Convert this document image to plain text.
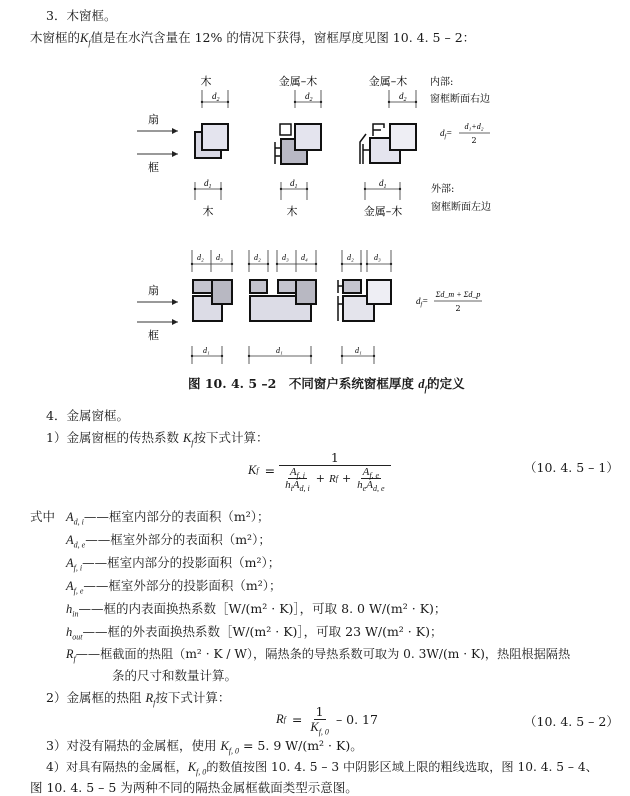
3．木窗框。
木窗框的$K_f$值是在水汽含量在 12% 的情况下获得，窗框厚度见图 10. 4. 5 – 2：
扇
框
木
$d_2$
$d_1$
木
金属–木
$d_2$
$d_1$
木
金属–木
$d_2$
$d_1$
金属–木
内部:
窗框断面右边
外部:
窗框断面左边
$d_f=$
d₁+d₂
2
扇
框
d₂ d₃
d₁
d₂	d₃ d₄
d₁
d₂	d₃
d₁
$d_f=$
Σd_m + Σd_p
2
图 10. 4. 5 –2　不同窗户系统窗框厚度 $d_f$的定义
4．金属窗框。
1）金属窗框的传热系数 $K_f$按下式计算：
K f =
1
$\frac{A_{f, i}}{h_iA_{d, i}} + R$ $f + \frac{A_{f, e}}{h_eA_{d, e}}$	（10. 4. 5 – 1）
式中 $A_{d, i}——$框室内部分的表面积（m²）；
$A_{d, e}——$框室外部分的表面积（m²）；
$A_{f, i}——$框室内部分的投影面积（m²）；
$A_{f, e}——$框室外部分的投影面积（m²）；
$h_{in}——$框的内表面换热系数［W/(m² · K)］，可取 8. 0 W/(m² · K)；
$h_{out}——$框的外表面换热系数［W/(m² · K)］，可取 23 W/(m² · K)；
$R_f——$框截面的热阻（m² · K / W），隔热条的导热系数可取为 0. 3W/(m · K)，热阻根据隔热
条的尺寸和数量计算。
2）金属框的热阻 $R_f$按下式计算：
R $f = \frac{1}{K_{f, 0}} - 0$. 17	（10. 4. 5 – 2）
3）对没有隔热的金属框，使用 $K_{f, 0} = 5$. 9 W/(m² · K)。
4）对具有隔热的金属框，$K_{f, 0}$的数值按图 10. 4. 5 – 3 中阴影区域上限的粗线选取，图 10. 4. 5 – 4、
图 10. 4. 5 – 5 为两种不同的隔热金属框截面类型示意图。
